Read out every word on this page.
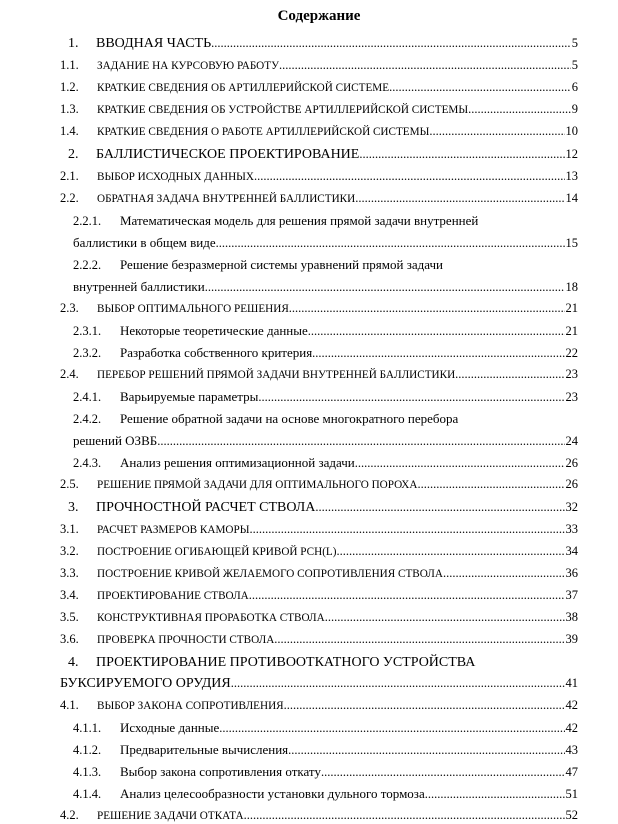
Содержание
1.	ВВОДНАЯ ЧАСТЬ .....	5
1.1.	ЗАДАНИЕ НА КУРСОВУЮ РАБОТУ .....	5
1.2.	КРАТКИЕ СВЕДЕНИЯ ОБ АРТИЛЛЕРИЙСКОЙ СИСТЕМЕ .....	6
1.3.	КРАТКИЕ СВЕДЕНИЯ ОБ УСТРОЙСТВЕ АРТИЛЛЕРИЙСКОЙ СИСТЕМЫ .....	9
1.4.	КРАТКИЕ СВЕДЕНИЯ О РАБОТЕ АРТИЛЛЕРИЙСКОЙ СИСТЕМЫ .....	10
2.	БАЛЛИСТИЧЕСКОЕ ПРОЕКТИРОВАНИЕ .....	12
2.1.	ВЫБОР ИСХОДНЫХ ДАННЫХ .....	13
2.2.	ОБРАТНАЯ ЗАДАЧА ВНУТРЕННЕЙ БАЛЛИСТИКИ .....	14
2.2.1.	Математическая модель для решения прямой задачи внутренней
баллистики в общем виде .....	15
2.2.2.	Решение безразмерной системы уравнений прямой задачи
внутренней баллистики .....	18
2.3.	ВЫБОР ОПТИМАЛЬНОГО РЕШЕНИЯ .....	21
2.3.1.	Некоторые теоретические данные .....	21
2.3.2.	Разработка собственного критерия .....	22
2.4.	ПЕРЕБОР РЕШЕНИЙ ПРЯМОЙ ЗАДАЧИ ВНУТРЕННЕЙ БАЛЛИСТИКИ .....	23
2.4.1.	Варьируемые параметры .....	23
2.4.2.	Решение обратной задачи на основе многократного перебора
решений ОЗВБ .....	24
2.4.3.	Анализ решения оптимизационной задачи .....	26
2.5.	РЕШЕНИЕ ПРЯМОЙ ЗАДАЧИ ДЛЯ ОПТИМАЛЬНОГО ПОРОХА .....	26
3.	ПРОЧНОСТНОЙ РАСЧЕТ СТВОЛА .....	32
3.1.	РАСЧЕТ РАЗМЕРОВ КАМОРЫ .....	33
3.2.	ПОСТРОЕНИЕ ОГИБАЮЩЕЙ КРИВОЙ РСН(L) .....	34
3.3.	ПОСТРОЕНИЕ КРИВОЙ ЖЕЛАЕМОГО СОПРОТИВЛЕНИЯ СТВОЛА .....	36
3.4.	ПРОЕКТИРОВАНИЕ СТВОЛА .....	37
3.5.	КОНСТРУКТИВНАЯ ПРОРАБОТКА СТВОЛА .....	38
3.6.	ПРОВЕРКА ПРОЧНОСТИ СТВОЛА .....	39
4.	ПРОЕКТИРОВАНИЕ ПРОТИВООТКАТНОГО УСТРОЙСТВА
БУКСИРУЕМОГО ОРУДИЯ .....	41
4.1.	ВЫБОР ЗАКОНА СОПРОТИВЛЕНИЯ .....	42
4.1.1.	Исходные данные .....	42
4.1.2.	Предварительные вычисления .....	43
4.1.3.	Выбор закона сопротивления откату .....	47
4.1.4.	Анализ целесообразности установки дульного тормоза .....	51
4.2.	РЕШЕНИЕ ЗАДАЧИ ОТКАТА .....	52
